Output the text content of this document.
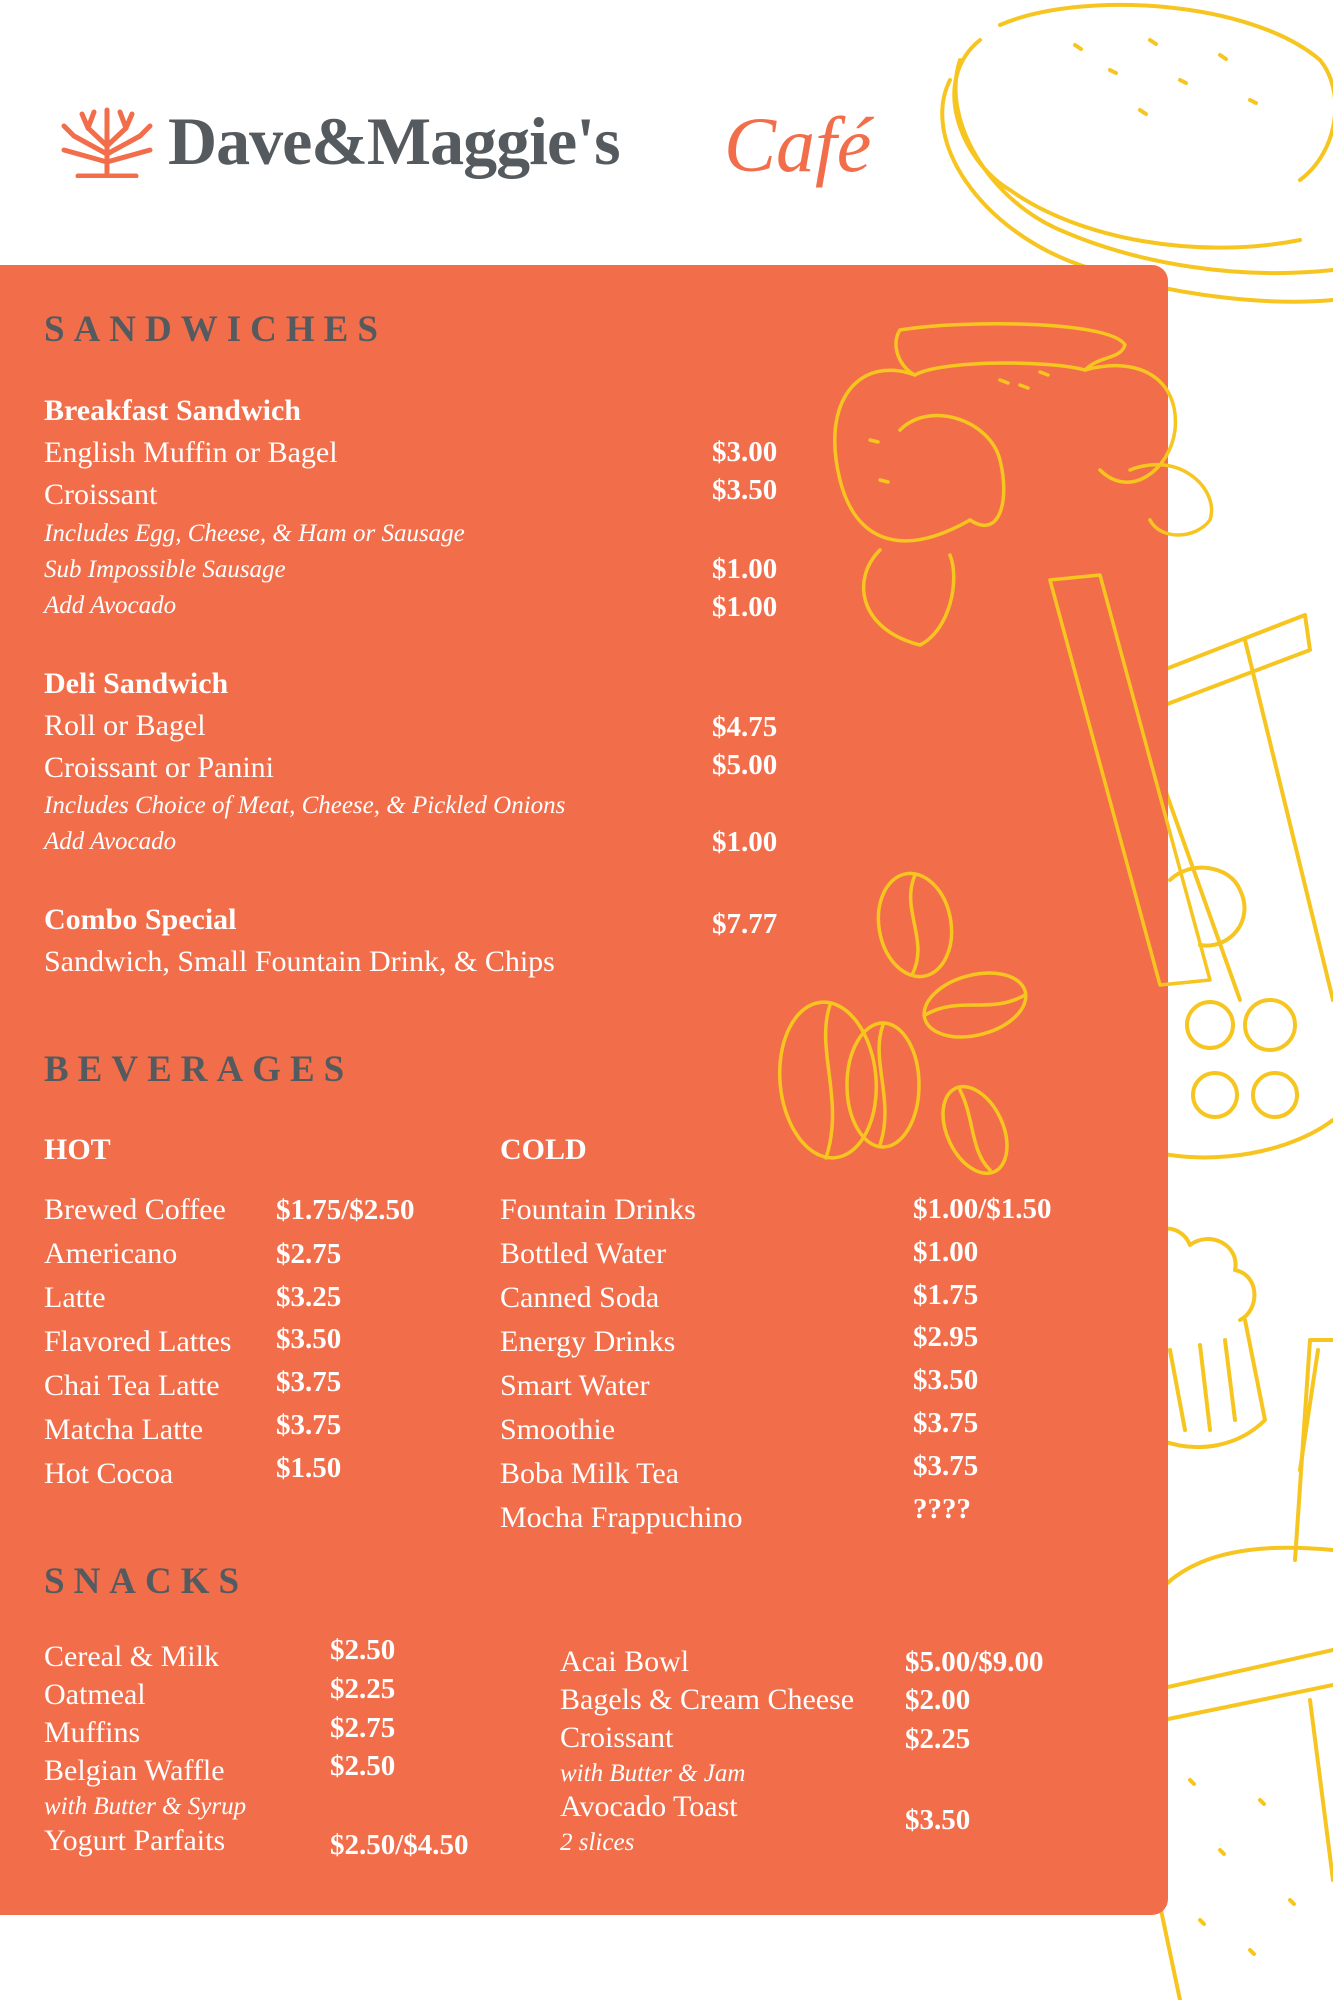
Dave&Maggie's Café
SANDWICHES
Breakfast Sandwich
English Muffin or Bagel	$3.00
Croissant	$3.50
Includes Egg, Cheese, & Ham or Sausage
Sub Impossible Sausage	$1.00
Add Avocado	$1.00
Deli Sandwich
Roll or Bagel	$4.75
Croissant or Panini	$5.00
Includes Choice of Meat, Cheese, & Pickled Onions
Add Avocado	$1.00
Combo Special	$7.77
Sandwich, Small Fountain Drink, & Chips
BEVERAGES
HOT	COLD
Brewed Coffee $1.75/$2.50
Americano	$2.75
Latte	$3.25
Flavored Lattes $3.50
Chai Tea Latte $3.75
Matcha Latte	$3.75
Hot Cocoa	$1.50
Fountain Drinks	$1.00/$1.50
Bottled Water	$1.00
Canned Soda	$1.75
Energy Drinks	$2.95
Smart Water	$3.50
Smoothie	$3.75
Boba Milk Tea	$3.75
Mocha Frappuchino	????
SNACKS
Cereal & Milk	$2.50
Oatmeal	$2.25
Muffins	$2.75
Belgian Waffle	$2.50
with Butter & Syrup
Yogurt Parfaits	$2.50/$4.50
Acai Bowl	$5.00/$9.00
Bagels & Cream Cheese $2.00
Croissant	$2.25
with Butter & Jam
Avocado Toast	$3.50
2 slices
